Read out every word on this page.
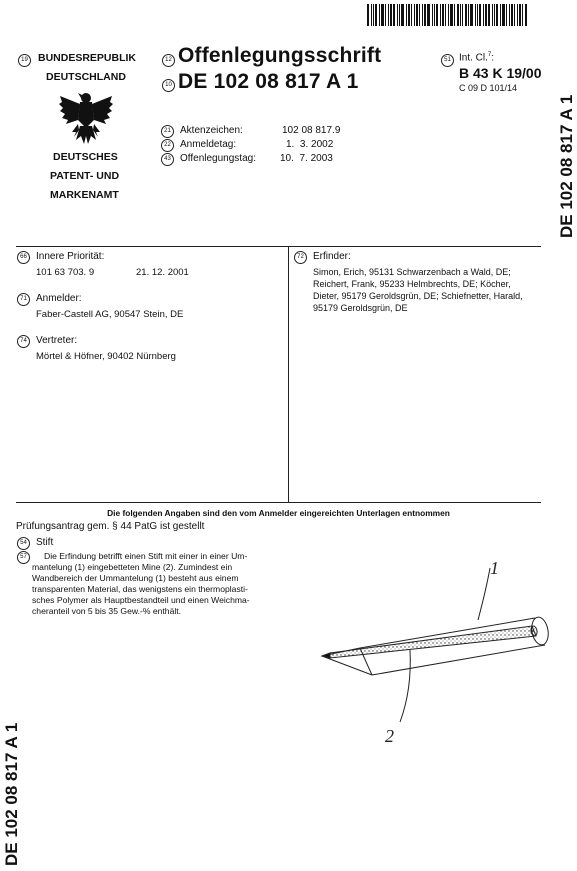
19	12
10
51
BUNDESREPUBLIK
DEUTSCHLAND
DEUTSCHES
PATENT- UND
MARKENAMT
Offenlegungsschrift
DE 102 08 817 A 1
Int. Cl.$^7$:
B 43 K 19/00
C 09 D 101/14
21 Aktenzeichen:	102 08 817.9
22 Anmeldetag:	1.  3. 2002
43 Offenlegungstag: 10.  7. 2003
66 Innere Priorität:
101 63 703. 9	21. 12. 2001
71 Anmelder:
Faber-Castell AG, 90547 Stein, DE
74 Vertreter:
Mörtel & Höfner, 90402 Nürnberg
72 Erfinder:
Simon, Erich, 95131 Schwarzenbach a Wald, DE;
Reichert, Frank, 95233 Helmbrechts, DE; Köcher,
Dieter, 95179 Geroldsgrün, DE; Schiefnetter, Harald,
95179 Geroldsgrün, DE
Die folgenden Angaben sind den vom Anmelder eingereichten Unterlagen entnommen
Prüfungsantrag gem. § 44 PatG ist gestellt
54 Stift
57	Die Erfindung betrifft einen Stift mit einer in einer Um-
mantelung (1) eingebetteten Mine (2). Zumindest ein
Wandbereich der Ummantelung (1) besteht aus einem
transparenten Material, das wenigstens ein thermoplasti-
sches Polymer als Hauptbestandteil und einen Weichma-
cheranteil von 5 bis 35 Gew.-% enthält.
1
2
DE 102 08 817 A 1
DE 102 08 817 A 1
